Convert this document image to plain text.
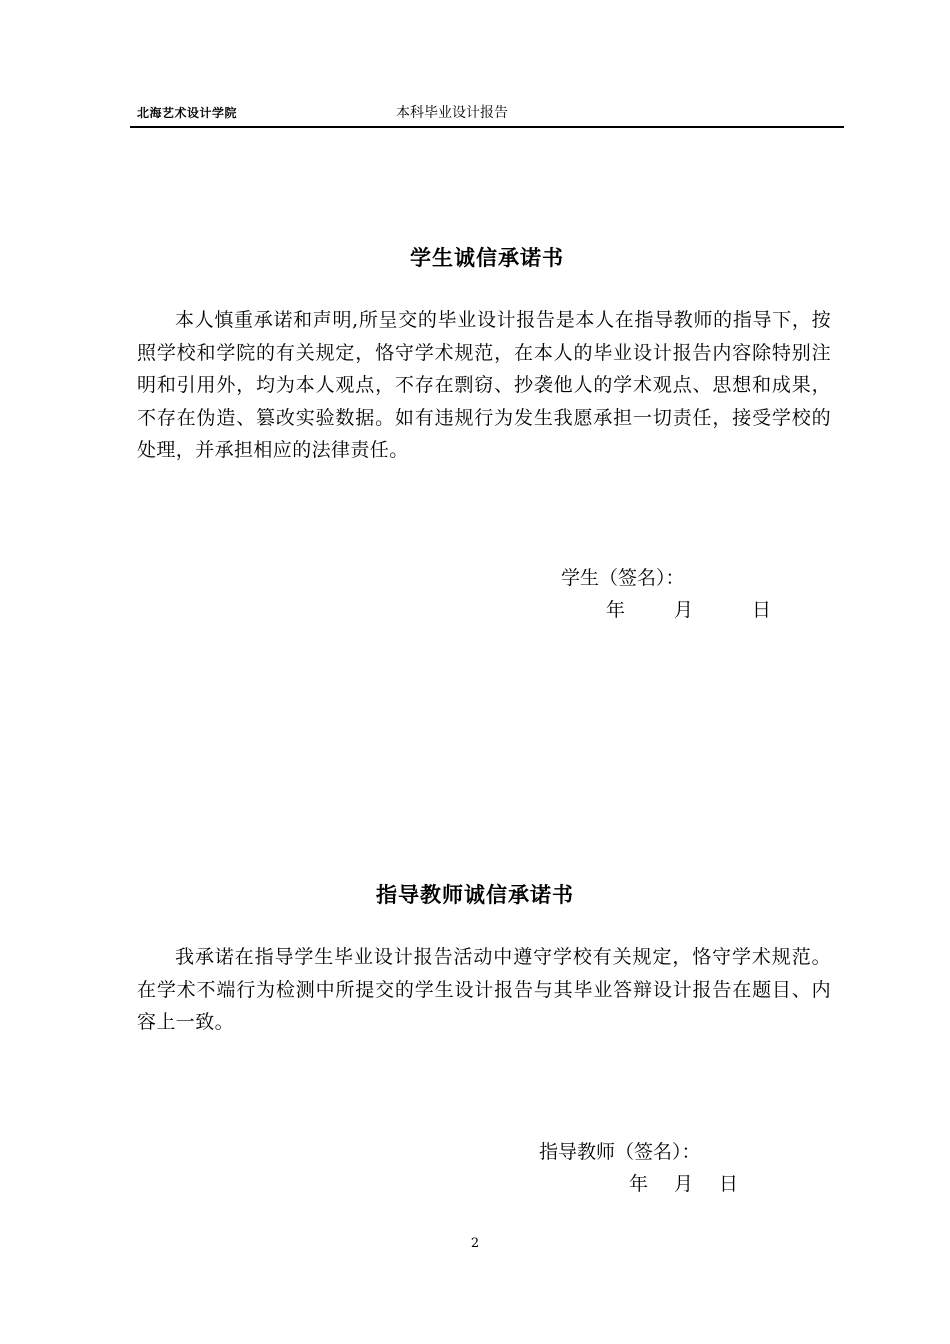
北海艺术设计学院	本科毕业设计报告
学生诚信承诺书
本人慎重承诺和声明,所呈交的毕业设计报告是本人在指导教师的指导下，按照学校和学院的有关规定，恪守学术规范，在本人的毕业设计报告内容除特别注明和引用外，均为本人观点，不存在剽窃、抄袭他人的学术观点、思想和成果，不存在伪造、篡改实验数据。如有违规行为发生我愿承担一切责任，接受学校的处理，并承担相应的法律责任。
学生（签名）：
年	月	日
指导教师诚信承诺书
我承诺在指导学生毕业设计报告活动中遵守学校有关规定，恪守学术规范。在学术不端行为检测中所提交的学生设计报告与其毕业答辩设计报告在题目、内容上一致。
指导教师（签名）：
年 月 日
2
